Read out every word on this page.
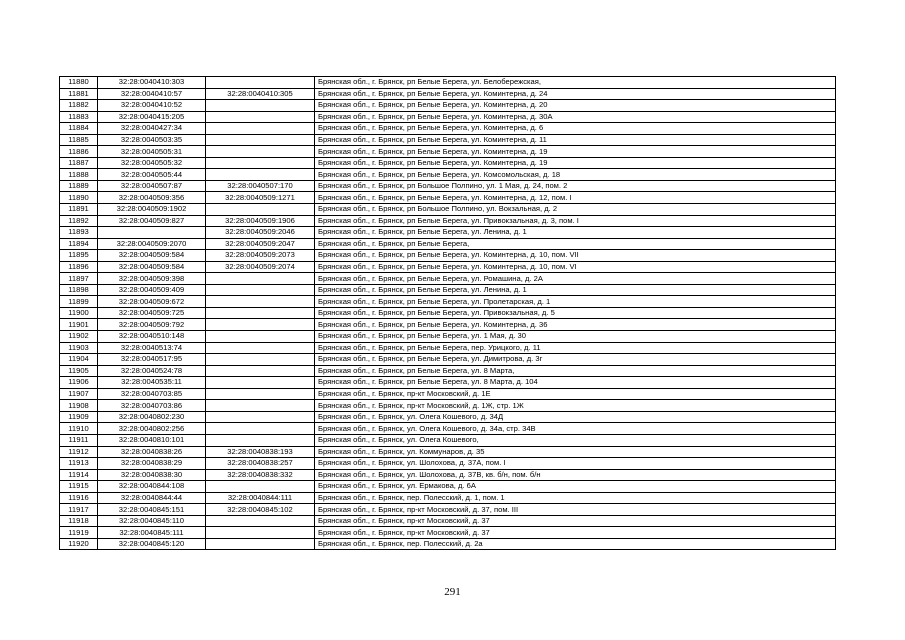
11880	32:28:0040410:303		Брянская обл., г. Брянск, рп Белые Берега, ул. Белобережская,
11881	32:28:0040410:57	32:28:0040410:305	Брянская обл., г. Брянск, рп Белые Берега, ул. Коминтерна, д. 24
11882	32:28:0040410:52		Брянская обл., г. Брянск, рп Белые Берега, ул. Коминтерна, д. 20
11883	32:28:0040415:205		Брянская обл., г. Брянск, рп Белые Берега, ул. Коминтерна, д. 30А
11884	32:28:0040427:34		Брянская обл., г. Брянск, рп Белые Берега, ул. Коминтерна, д. 6
11885	32:28:0040503:35		Брянская обл., г. Брянск, рп Белые Берега, ул. Коминтерна, д. 11
11886	32:28:0040505:31		Брянская обл., г. Брянск, рп Белые Берега, ул. Коминтерна, д. 19
11887	32:28:0040505:32		Брянская обл., г. Брянск, рп Белые Берега, ул. Коминтерна, д. 19
11888	32:28:0040505:44		Брянская обл., г. Брянск, рп Белые Берега, ул. Комсомольская, д. 18
11889	32:28:0040507:87	32:28:0040507:170	Брянская обл., г. Брянск, рп Большое Полпино, ул. 1 Мая, д. 24, пом. 2
11890	32:28:0040509:356	32:28:0040509:1271	Брянская обл., г. Брянск, рп Белые Берега, ул. Коминтерна, д. 12, пом. I
11891	32:28:0040509:1902		Брянская обл., г. Брянск, рп Большое Полпино, ул. Вокзальная, д. 2
11892	32:28:0040509:827	32:28:0040509:1906	Брянская обл., г. Брянск, рп Белые Берега, ул. Привокзальная, д. 3, пом. I
11893		32:28:0040509:2046	Брянская обл., г. Брянск, рп Белые Берега, ул. Ленина, д. 1
11894	32:28:0040509:2070	32:28:0040509:2047	Брянская обл., г. Брянск, рп Белые Берега,
11895	32:28:0040509:584	32:28:0040509:2073	Брянская обл., г. Брянск, рп Белые Берега, ул. Коминтерна, д. 10, пом. VII
11896	32:28:0040509:584	32:28:0040509:2074	Брянская обл., г. Брянск, рп Белые Берега, ул. Коминтерна, д. 10, пом. VI
11897	32:28:0040509:398		Брянская обл., г. Брянск, рп Белые Берега, ул. Ромашина, д. 2А
11898	32:28:0040509:409		Брянская обл., г. Брянск, рп Белые Берега, ул. Ленина, д. 1
11899	32:28:0040509:672		Брянская обл., г. Брянск, рп Белые Берега, ул. Пролетарская, д. 1
11900	32:28:0040509:725		Брянская обл., г. Брянск, рп Белые Берега, ул. Привокзальная, д. 5
11901	32:28:0040509:792		Брянская обл., г. Брянск, рп Белые Берега, ул. Коминтерна, д. 36
11902	32:28:0040510:148		Брянская обл., г. Брянск, рп Белые Берега, ул. 1 Мая, д. 30
11903	32:28:0040513:74		Брянская обл., г. Брянск, рп Белые Берега, пер. Урицкого, д. 11
11904	32:28:0040517:95		Брянская обл., г. Брянск, рп Белые Берега, ул. Димитрова, д. 3г
11905	32:28:0040524:78		Брянская обл., г. Брянск, рп Белые Берега, ул. 8 Марта,
11906	32:28:0040535:11		Брянская обл., г. Брянск, рп Белые Берега, ул. 8 Марта, д. 104
11907	32:28:0040703:85		Брянская обл., г. Брянск, пр-кт Московский, д. 1Е
11908	32:28:0040703:86		Брянская обл., г. Брянск, пр-кт Московский, д. 1Ж, стр. 1Ж
11909	32:28:0040802:230		Брянская обл., г. Брянск, ул. Олега Кошевого, д. 34Д
11910	32:28:0040802:256		Брянская обл., г. Брянск, ул. Олега Кошевого, д. 34а, стр. 34В
11911	32:28:0040810:101		Брянская обл., г. Брянск, ул. Олега Кошевого,
11912	32:28:0040838:26	32:28:0040838:193	Брянская обл., г. Брянск, ул. Коммунаров, д. 35
11913	32:28:0040838:29	32:28:0040838:257	Брянская обл., г. Брянск, ул. Шолохова, д. 37А, пом. I
11914	32:28:0040838:30	32:28:0040838:332	Брянская обл., г. Брянск, ул. Шолохова, д. 37В, кв. б/н, пом. б/н
11915	32:28:0040844:108		Брянская обл., г. Брянск, ул. Ермакова, д. 6А
11916	32:28:0040844:44	32:28:0040844:111	Брянская обл., г. Брянск, пер. Полесский, д. 1, пом. 1
11917	32:28:0040845:151	32:28:0040845:102	Брянская обл., г. Брянск, пр-кт Московский, д. 37, пом. III
11918	32:28:0040845:110		Брянская обл., г. Брянск, пр-кт Московский, д. 37
11919	32:28:0040845:111		Брянская обл., г. Брянск, пр-кт Московский, д. 37
11920	32:28:0040845:120		Брянская обл., г. Брянск, пер. Полесский, д. 2а
291
